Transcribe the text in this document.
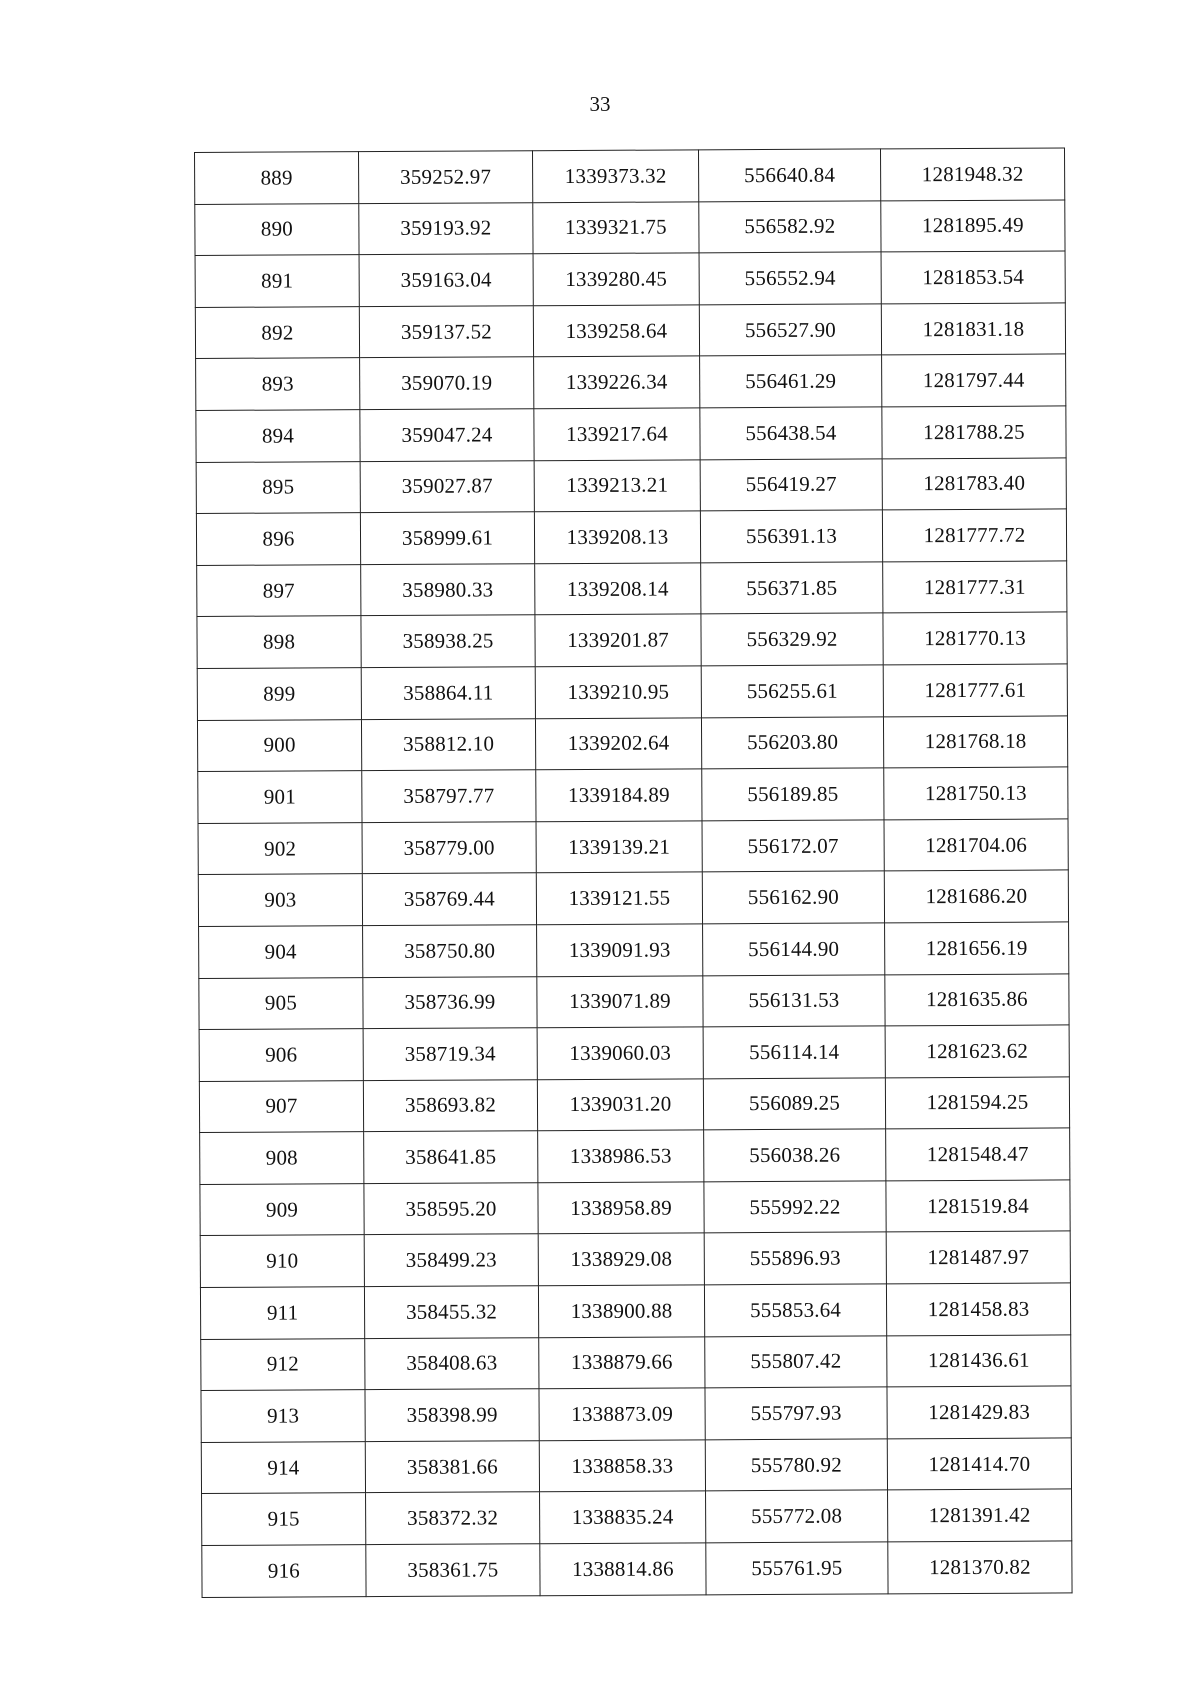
33
889	359252.97	1339373.32	556640.84	1281948.32
890	359193.92	1339321.75	556582.92	1281895.49
891	359163.04	1339280.45	556552.94	1281853.54
892	359137.52	1339258.64	556527.90	1281831.18
893	359070.19	1339226.34	556461.29	1281797.44
894	359047.24	1339217.64	556438.54	1281788.25
895	359027.87	1339213.21	556419.27	1281783.40
896	358999.61	1339208.13	556391.13	1281777.72
897	358980.33	1339208.14	556371.85	1281777.31
898	358938.25	1339201.87	556329.92	1281770.13
899	358864.11	1339210.95	556255.61	1281777.61
900	358812.10	1339202.64	556203.80	1281768.18
901	358797.77	1339184.89	556189.85	1281750.13
902	358779.00	1339139.21	556172.07	1281704.06
903	358769.44	1339121.55	556162.90	1281686.20
904	358750.80	1339091.93	556144.90	1281656.19
905	358736.99	1339071.89	556131.53	1281635.86
906	358719.34	1339060.03	556114.14	1281623.62
907	358693.82	1339031.20	556089.25	1281594.25
908	358641.85	1338986.53	556038.26	1281548.47
909	358595.20	1338958.89	555992.22	1281519.84
910	358499.23	1338929.08	555896.93	1281487.97
911	358455.32	1338900.88	555853.64	1281458.83
912	358408.63	1338879.66	555807.42	1281436.61
913	358398.99	1338873.09	555797.93	1281429.83
914	358381.66	1338858.33	555780.92	1281414.70
915	358372.32	1338835.24	555772.08	1281391.42
916	358361.75	1338814.86	555761.95	1281370.82
